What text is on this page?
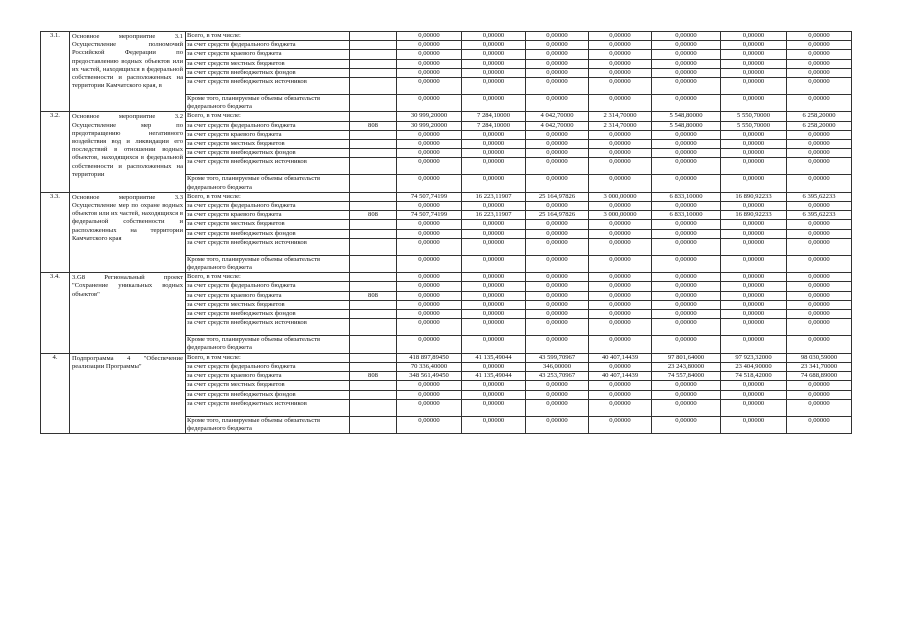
3.1.	Основное мероприятие 3.1 Осуществление полномочий Российской Федерации по предоставлению водных объектов или их частей, находящихся в федеральной собственности и расположенных на территории Камчатского края, в	Всего, в том числе:		0,00000	0,00000	0,00000	0,00000	0,00000	0,00000	0,00000
		за счет средств федерального бюджета		0,00000	0,00000	0,00000	0,00000	0,00000	0,00000	0,00000
		за счет средств краевого бюджета		0,00000	0,00000	0,00000	0,00000	0,00000	0,00000	0,00000
		за счет средств местных бюджетов		0,00000	0,00000	0,00000	0,00000	0,00000	0,00000	0,00000
		за счет средств внебюджетных фондов		0,00000	0,00000	0,00000	0,00000	0,00000	0,00000	0,00000
		за счет средств внебюджетных источников		0,00000	0,00000	0,00000	0,00000	0,00000	0,00000	0,00000
		Кроме того, планируемые объемы обязательств федерального бюджета		0,00000	0,00000	0,00000	0,00000	0,00000	0,00000	0,00000
3.2.	Основное мероприятие 3.2 Осуществление мер по предотвращению негативного воздействия вод и ликвидации его последствий в отношении водных объектов, находящихся в федеральной собственности и расположенных на территории	Всего, в том числе:		30 999,20000	7 284,10000	4 042,70000	2 314,70000	5 548,80000	5 550,70000	6 258,20000
		за счет средств федерального бюджета	808	30 999,20000	7 284,10000	4 042,70000	2 314,70000	5 548,80000	5 550,70000	6 258,20000
		за счет средств краевого бюджета		0,00000	0,00000	0,00000	0,00000	0,00000	0,00000	0,00000
		за счет средств местных бюджетов		0,00000	0,00000	0,00000	0,00000	0,00000	0,00000	0,00000
		за счет средств внебюджетных фондов		0,00000	0,00000	0,00000	0,00000	0,00000	0,00000	0,00000
		за счет средств внебюджетных источников		0,00000	0,00000	0,00000	0,00000	0,00000	0,00000	0,00000
		Кроме того, планируемые объемы обязательств федерального бюджета		0,00000	0,00000	0,00000	0,00000	0,00000	0,00000	0,00000
3.3.	Основное мероприятие 3.3 Осуществление мер по охране водных объектов или их частей, находящихся в федеральной собственности и расположенных на территории Камчатского края	Всего, в том числе:		74 507,74199	16 223,11907	25 164,97826	3 000,00000	6 833,10000	16 890,92233	6 395,62233
		за счет средств федерального бюджета		0,00000	0,00000	0,00000	0,00000	0,00000	0,00000	0,00000
		за счет средств краевого бюджета	808	74 507,74199	16 223,11907	25 164,97826	3 000,00000	6 833,10000	16 890,92233	6 395,62233
		за счет средств местных бюджетов		0,00000	0,00000	0,00000	0,00000	0,00000	0,00000	0,00000
		за счет средств внебюджетных фондов		0,00000	0,00000	0,00000	0,00000	0,00000	0,00000	0,00000
		за счет средств внебюджетных источников		0,00000	0,00000	0,00000	0,00000	0,00000	0,00000	0,00000
		Кроме того, планируемые объемы обязательств федерального бюджета		0,00000	0,00000	0,00000	0,00000	0,00000	0,00000	0,00000
3.4.	3.G8 Региональный проект "Сохранение уникальных водных объектов"	Всего, в том числе:		0,00000	0,00000	0,00000	0,00000	0,00000	0,00000	0,00000
		за счет средств федерального бюджета		0,00000	0,00000	0,00000	0,00000	0,00000	0,00000	0,00000
		за счет средств краевого бюджета	808	0,00000	0,00000	0,00000	0,00000	0,00000	0,00000	0,00000
		за счет средств местных бюджетов		0,00000	0,00000	0,00000	0,00000	0,00000	0,00000	0,00000
		за счет средств внебюджетных фондов		0,00000	0,00000	0,00000	0,00000	0,00000	0,00000	0,00000
		за счет средств внебюджетных источников		0,00000	0,00000	0,00000	0,00000	0,00000	0,00000	0,00000
		Кроме того, планируемые объемы обязательств федерального бюджета		0,00000	0,00000	0,00000	0,00000	0,00000	0,00000	0,00000
4.	Подпрограмма 4 "Обеспечение реализации Программы"	Всего, в том числе:		418 897,89450	41 135,49044	43 599,70967	40 407,14439	97 801,64000	97 923,32000	98 030,59000
		за счет средств федерального бюджета		70 336,40000	0,00000	346,00000	0,00000	23 243,80000	23 404,90000	23 341,70000
		за счет средств краевого бюджета	808	348 561,49450	41 135,49044	43 253,70967	40 407,14439	74 557,84000	74 518,42000	74 688,89000
		за счет средств местных бюджетов		0,00000	0,00000	0,00000	0,00000	0,00000	0,00000	0,00000
		за счет средств внебюджетных фондов		0,00000	0,00000	0,00000	0,00000	0,00000	0,00000	0,00000
		за счет средств внебюджетных источников		0,00000	0,00000	0,00000	0,00000	0,00000	0,00000	0,00000
		Кроме того, планируемые объемы обязательств федерального бюджета		0,00000	0,00000	0,00000	0,00000	0,00000	0,00000	0,00000
